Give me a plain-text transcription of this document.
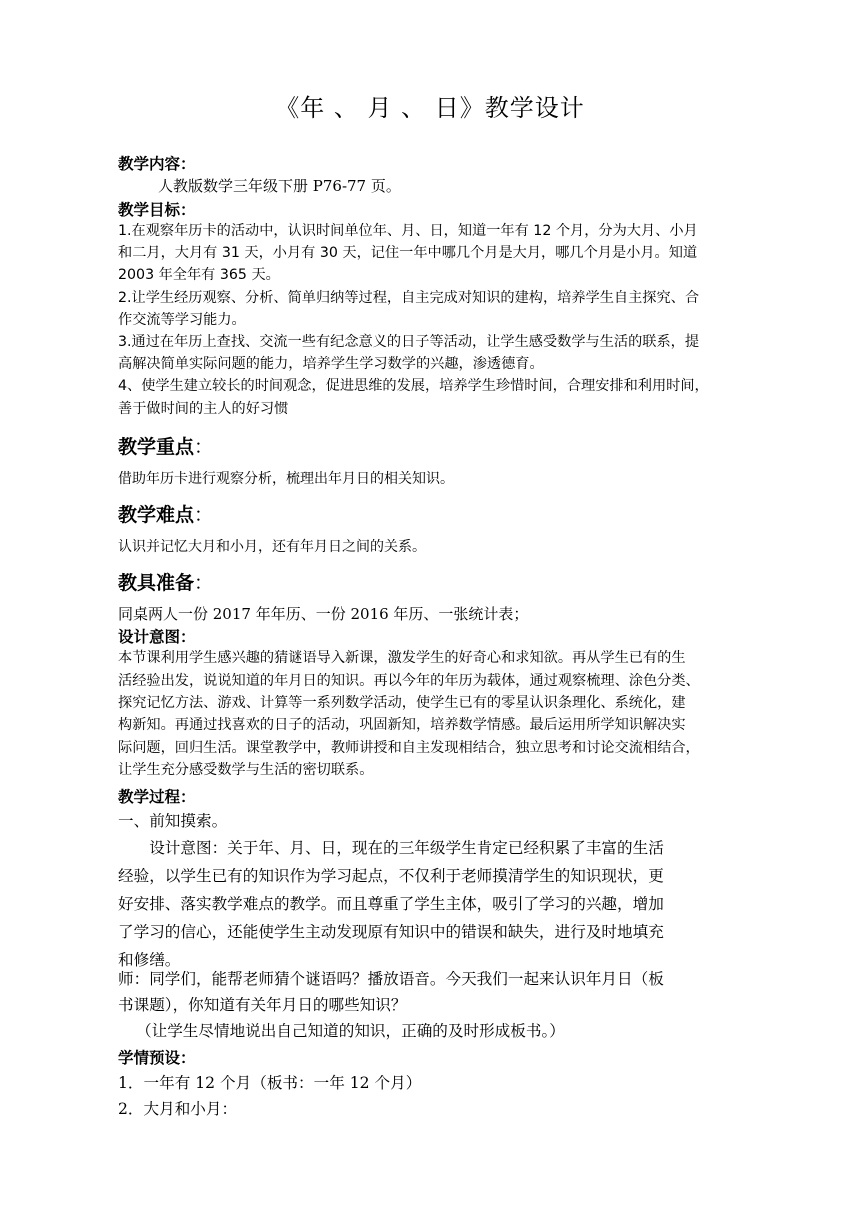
《年 、 月 、 日》教学设计
教学内容：
人教版数学三年级下册 P76-77 页。
教学目标：
1.在观察年历卡的活动中，认识时间单位年、月、日，知道一年有 12 个月，分为大月、小月
和二月，大月有 31 天，小月有 30 天，记住一年中哪几个月是大月，哪几个月是小月。知道
2003 年全年有 365 天。
2.让学生经历观察、分析、简单归纳等过程，自主完成对知识的建构，培养学生自主探究、合
作交流等学习能力。
3.通过在年历上查找、交流一些有纪念意义的日子等活动，让学生感受数学与生活的联系，提
高解决简单实际问题的能力，培养学生学习数学的兴趣，渗透德育。
4、使学生建立较长的时间观念，促进思维的发展，培养学生珍惜时间，合理安排和利用时间，
善于做时间的主人的好习惯
教学重点：
借助年历卡进行观察分析，梳理出年月日的相关知识。
教学难点：
认识并记忆大月和小月，还有年月日之间的关系。
教具准备：
同桌两人一份 2017 年年历、一份 2016 年历、一张统计表；
设计意图：
本节课利用学生感兴趣的猜谜语导入新课，激发学生的好奇心和求知欲。再从学生已有的生
活经验出发，说说知道的年月日的知识。再以今年的年历为载体，通过观察梳理、涂色分类、
探究记忆方法、游戏、计算等一系列数学活动，使学生已有的零星认识条理化、系统化，建
构新知。再通过找喜欢的日子的活动，巩固新知，培养数学情感。最后运用所学知识解决实
际问题，回归生活。课堂教学中，教师讲授和自主发现相结合，独立思考和讨论交流相结合，
让学生充分感受数学与生活的密切联系。
教学过程：
一、前知摸索。
　　设计意图：关于年、月、日，现在的三年级学生肯定已经积累了丰富的生活
经验，以学生已有的知识作为学习起点，不仅利于老师摸清学生的知识现状，更
好安排、落实教学难点的教学。而且尊重了学生主体，吸引了学习的兴趣，增加
了学习的信心，还能使学生主动发现原有知识中的错误和缺失，进行及时地填充
和修缮。
师：同学们，能帮老师猜个谜语吗？播放语音。今天我们一起来认识年月日（板
书课题），你知道有关年月日的哪些知识？
（让学生尽情地说出自己知道的知识，正确的及时形成板书。）
学情预设：
1．一年有 12 个月（板书：一年 12 个月）
2．大月和小月：
